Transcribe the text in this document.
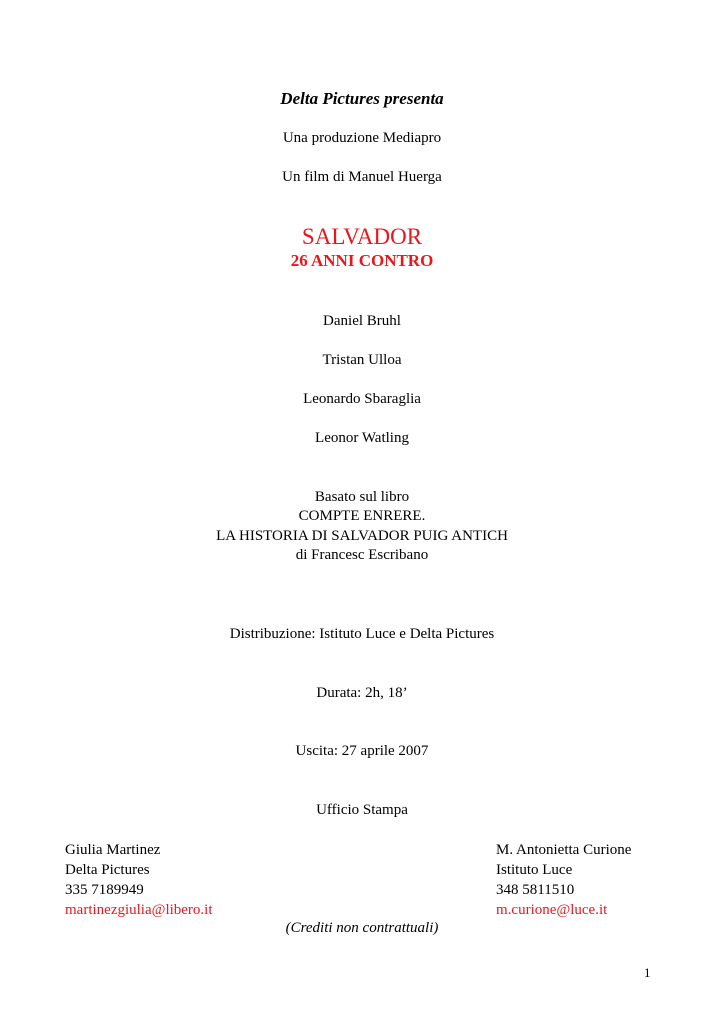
Delta Pictures presenta
Una produzione Mediapro
Un film di Manuel Huerga
SALVADOR
26 ANNI CONTRO
Daniel Bruhl
Tristan Ulloa
Leonardo Sbaraglia
Leonor Watling
Basato sul libro
COMPTE ENRERE.
LA HISTORIA DI SALVADOR PUIG ANTICH
di Francesc Escribano
Distribuzione: Istituto Luce e Delta Pictures
Durata: 2h, 18’
Uscita: 27 aprile 2007
Ufficio Stampa
Giulia Martinez
Delta Pictures
335 7189949
martinezgiulia@libero.it
M. Antonietta Curione
Istituto Luce
348 5811510
m.curione@luce.it
(Crediti non contrattuali)
1
